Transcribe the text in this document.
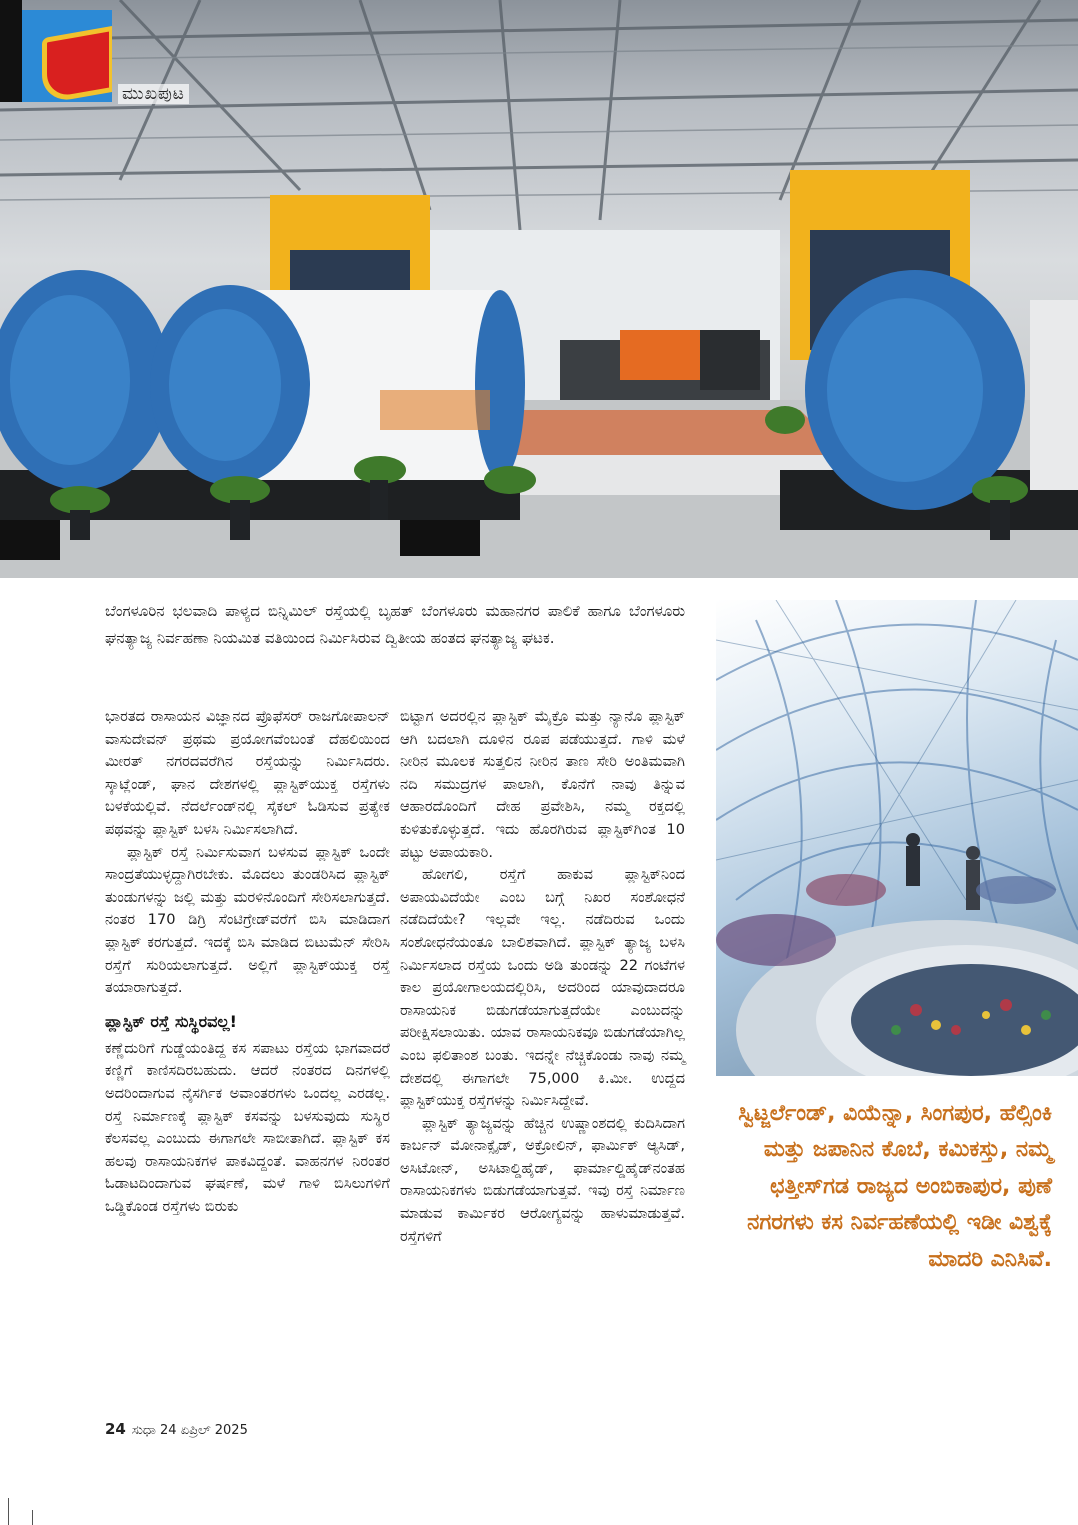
ಮುಖಪುಟ
ಬೆಂಗಳೂರಿನ ಭಲವಾದಿ ಪಾಳ್ಯದ ಬಿನ್ನಿಮಿಲ್ ರಸ್ತೆಯಲ್ಲಿ ಬೃಹತ್ ಬೆಂಗಳೂರು ಮಹಾನಗರ ಪಾಲಿಕೆ ಹಾಗೂ ಬೆಂಗಳೂರು ಘನತ್ಯಾಜ್ಯ ನಿರ್ವಹಣಾ ನಿಯಮಿತ ವತಿಯಿಂದ ನಿರ್ಮಿಸಿರುವ ದ್ವಿತೀಯ ಹಂತದ ಘನತ್ಯಾಜ್ಯ ಘಟಕ.

ಭಾರತದ ರಾಸಾಯನ ವಿಜ್ಞಾನದ ಪ್ರೊಫೆಸರ್ ರಾಜಗೋಪಾಲನ್ ವಾಸುದೇವನ್ ಪ್ರಥಮ ಪ್ರಯೋಗವೆಂಬಂತೆ ದೆಹಲಿಯಿಂದ ಮೀರತ್ ನಗರದವರೆಗಿನ ರಸ್ತೆಯನ್ನು ನಿರ್ಮಿಸಿದರು. ಸ್ಕಾಟ್ಲೆಂಡ್, ಘಾನ ದೇಶಗಳಲ್ಲಿ ಪ್ಲಾಸ್ಟಿಕ್‌ಯುಕ್ತ ರಸ್ತೆಗಳು ಬಳಕೆಯಲ್ಲಿವೆ. ನೆದರ್ಲೆಂಡ್‌ನಲ್ಲಿ ಸೈಕಲ್ ಓಡಿಸುವ ಪ್ರತ್ಯೇಕ ಪಥವನ್ನು ಪ್ಲಾಸ್ಟಿಕ್ ಬಳಸಿ ನಿರ್ಮಿಸಲಾಗಿದೆ.

ಪ್ಲಾಸ್ಟಿಕ್ ರಸ್ತೆ ನಿರ್ಮಿಸುವಾಗ ಬಳಸುವ ಪ್ಲಾಸ್ಟಿಕ್ ಒಂದೇ ಸಾಂದ್ರತೆಯುಳ್ಳದ್ದಾಗಿರಬೇಕು. ಮೊದಲು ತುಂಡರಿಸಿದ ಪ್ಲಾಸ್ಟಿಕ್ ತುಂಡುಗಳನ್ನು ಜಲ್ಲಿ ಮತ್ತು ಮರಳಿನೊಂದಿಗೆ ಸೇರಿಸಲಾಗುತ್ತದೆ. ನಂತರ 170 ಡಿಗ್ರಿ ಸೆಂಟಿಗ್ರೇಡ್‌ವರೆಗೆ ಬಿಸಿ ಮಾಡಿದಾಗ ಪ್ಲಾಸ್ಟಿಕ್ ಕರಗುತ್ತದೆ. ಇದಕ್ಕೆ ಬಿಸಿ ಮಾಡಿದ ಬಿಟುಮೆನ್ ಸೇರಿಸಿ ರಸ್ತೆಗೆ ಸುರಿಯಲಾಗುತ್ತದೆ. ಅಲ್ಲಿಗೆ ಪ್ಲಾಸ್ಟಿಕ್‌ಯುಕ್ತ ರಸ್ತೆ ತಯಾರಾಗುತ್ತದೆ.

ಪ್ಲಾಸ್ಟಿಕ್ ರಸ್ತೆ ಸುಸ್ಥಿರವಲ್ಲ!

ಕಣ್ಣೆದುರಿಗೆ ಗುಡ್ಡೆಯಂತಿದ್ದ ಕಸ ಸಪಾಟು ರಸ್ತೆಯ ಭಾಗವಾದರೆ ಕಣ್ಣಿಗೆ ಕಾಣಿಸದಿರಬಹುದು. ಆದರೆ ನಂತರದ ದಿನಗಳಲ್ಲಿ ಅದರಿಂದಾಗುವ ನೈಸರ್ಗಿಕ ಅವಾಂತರಗಳು ಒಂದಲ್ಲ ಎರಡಲ್ಲ. ರಸ್ತೆ ನಿರ್ಮಾಣಕ್ಕೆ ಪ್ಲಾಸ್ಟಿಕ್ ಕಸವನ್ನು ಬಳಸುವುದು ಸುಸ್ಥಿರ ಕೆಲಸವಲ್ಲ ಎಂಬುದು ಈಗಾಗಲೇ ಸಾಬೀತಾಗಿದೆ. ಪ್ಲಾಸ್ಟಿಕ್ ಕಸ ಹಲವು ರಾಸಾಯನಿಕಗಳ ಪಾಕವಿದ್ದಂತೆ. ವಾಹನಗಳ ನಿರಂತರ ಓಡಾಟದಿಂದಾಗುವ ಘರ್ಷಣೆ, ಮಳೆ ಗಾಳಿ ಬಿಸಿಲುಗಳಿಗೆ ಒಡ್ಡಿಕೊಂಡ ರಸ್ತೆಗಳು ಬಿರುಕು

ಬಿಟ್ಟಾಗ ಅದರಲ್ಲಿನ ಪ್ಲಾಸ್ಟಿಕ್ ಮೈಕ್ರೊ ಮತ್ತು ನ್ಯಾನೊ ಪ್ಲಾಸ್ಟಿಕ್ ಆಗಿ ಬದಲಾಗಿ ದೂಳಿನ ರೂಪ ಪಡೆಯುತ್ತದೆ. ಗಾಳಿ ಮಳೆ ನೀರಿನ ಮೂಲಕ ಸುತ್ತಲಿನ ನೀರಿನ ತಾಣ ಸೇರಿ ಅಂತಿಮವಾಗಿ ನದಿ ಸಮುದ್ರಗಳ ಪಾಲಾಗಿ, ಕೊನೆಗೆ ನಾವು ತಿನ್ನುವ ಆಹಾರದೊಂದಿಗೆ ದೇಹ ಪ್ರವೇಶಿಸಿ, ನಮ್ಮ ರಕ್ತದಲ್ಲಿ ಕುಳಿತುಕೊಳ್ಳುತ್ತದೆ. ಇದು ಹೊರಗಿರುವ ಪ್ಲಾಸ್ಟಿಕ್‌ಗಿಂತ 10 ಪಟ್ಟು ಅಪಾಯಕಾರಿ.

ಹೋಗಲಿ, ರಸ್ತೆಗೆ ಹಾಕುವ ಪ್ಲಾಸ್ಟಿಕ್‌ನಿಂದ ಅಪಾಯವಿದೆಯೇ ಎಂಬ ಬಗ್ಗೆ ನಿಖರ ಸಂಶೋಧನೆ ನಡೆದಿದೆಯೇ? ಇಲ್ಲವೇ ಇಲ್ಲ. ನಡೆದಿರುವ ಒಂದು ಸಂಶೋಧನೆಯಂತೂ ಬಾಲಿಶವಾಗಿದೆ. ಪ್ಲಾಸ್ಟಿಕ್ ತ್ಯಾಜ್ಯ ಬಳಸಿ ನಿರ್ಮಿಸಲಾದ ರಸ್ತೆಯ ಒಂದು ಅಡಿ ತುಂಡನ್ನು 22 ಗಂಟೆಗಳ ಕಾಲ ಪ್ರಯೋಗಾಲಯದಲ್ಲಿರಿಸಿ, ಅದರಿಂದ ಯಾವುದಾದರೂ ರಾಸಾಯನಿಕ ಬಿಡುಗಡೆಯಾಗುತ್ತದೆಯೇ ಎಂಬುದನ್ನು ಪರೀಕ್ಷಿಸಲಾಯಿತು. ಯಾವ ರಾಸಾಯನಿಕವೂ ಬಿಡುಗಡೆಯಾಗಿಲ್ಲ ಎಂಬ ಫಲಿತಾಂಶ ಬಂತು. ಇದನ್ನೇ ನೆಚ್ಚಿಕೊಂಡು ನಾವು ನಮ್ಮ ದೇಶದಲ್ಲಿ ಈಗಾಗಲೇ 75,000 ಕಿ.ಮೀ. ಉದ್ದದ ಪ್ಲಾಸ್ಟಿಕ್‌ಯುಕ್ತ ರಸ್ತೆಗಳನ್ನು ನಿರ್ಮಿಸಿದ್ದೇವೆ.

ಪ್ಲಾಸ್ಟಿಕ್ ತ್ಯಾಜ್ಯವನ್ನು ಹೆಚ್ಚಿನ ಉಷ್ಣಾಂಶದಲ್ಲಿ ಕುದಿಸಿದಾಗ ಕಾರ್ಬನ್ ಮೋನಾಕ್ಸೈಡ್, ಅಕ್ರೋಲಿನ್, ಫಾರ್ಮಿಕ್ ಆ್ಯಸಿಡ್, ಅಸಿಟೋನ್, ಅಸಿಟಾಲ್ಡಿಹೈಡ್, ಫಾರ್ಮಾಲ್ಡಿಹೈಡ್‌ನಂತಹ ರಾಸಾಯನಿಕಗಳು ಬಿಡುಗಡೆಯಾಗುತ್ತವೆ. ಇವು ರಸ್ತೆ ನಿರ್ಮಾಣ ಮಾಡುವ ಕಾರ್ಮಿಕರ ಆರೋಗ್ಯವನ್ನು ಹಾಳುಮಾಡುತ್ತವೆ. ರಸ್ತೆಗಳಿಗೆ

ಸ್ವಿಟ್ಜರ್ಲೆಂಡ್, ವಿಯೆನ್ನಾ, ಸಿಂಗಪುರ, ಹೆಲ್ಸಿಂಕಿ ಮತ್ತು ಜಪಾನಿನ ಕೊಬೆ, ಕಮಿಕಸ್ತು, ನಮ್ಮ ಛತ್ತೀಸ್‌ಗಡ ರಾಜ್ಯದ ಅಂಬಿಕಾಪುರ, ಪುಣೆ ನಗರಗಳು ಕಸ ನಿರ್ವಹಣೆಯಲ್ಲಿ ಇಡೀ ವಿಶ್ವಕ್ಕೆ ಮಾದರಿ ಎನಿಸಿವೆ.
24 ಸುಧಾ 24 ಏಪ್ರಿಲ್ 2025
